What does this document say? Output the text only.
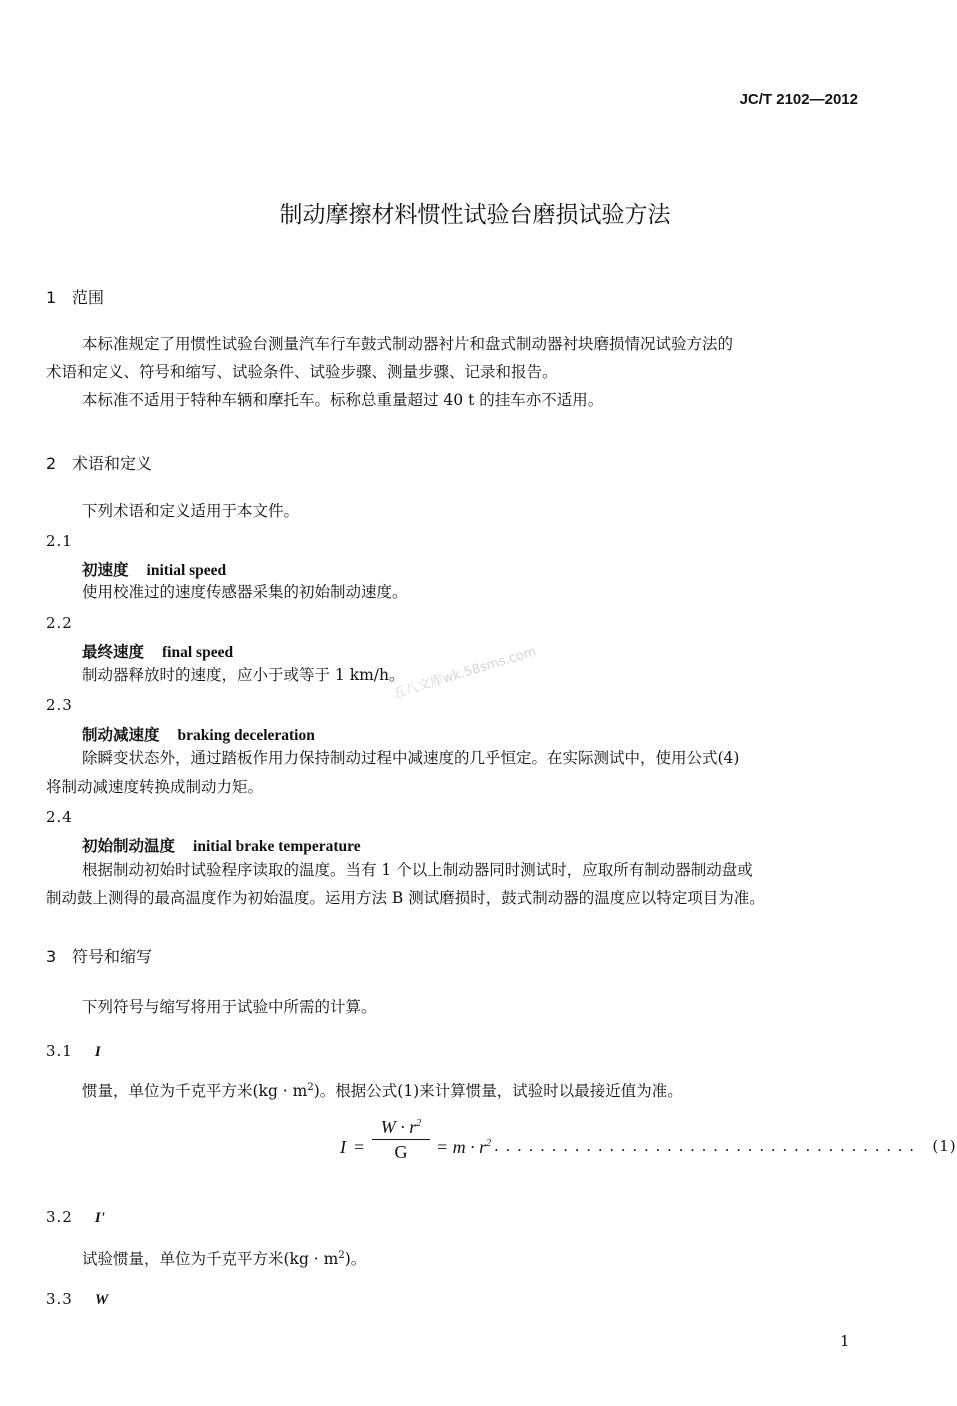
JC/T 2102—2012
制动摩擦材料惯性试验台磨损试验方法
1 范围

本标准规定了用惯性试验台测量汽车行车鼓式制动器衬片和盘式制动器衬块磨损情况试验方法的

术语和定义、符号和缩写、试验条件、试验步骤、测量步骤、记录和报告。

本标准不适用于特种车辆和摩托车。标称总重量超过 40 t 的挂车亦不适用。

2 术语和定义

下列术语和定义适用于本文件。

2.1
初速度 initial speed

使用校准过的速度传感器采集的初始制动速度。

2.2
最终速度 final speed

制动器释放时的速度，应小于或等于 1 km/h。

2.3
制动减速度 braking deceleration

除瞬变状态外，通过踏板作用力保持制动过程中减速度的几乎恒定。在实际测试中，使用公式(4)

将制动减速度转换成制动力矩。

2.4
初始制动温度 initial brake temperature

根据制动初始时试验程序读取的温度。当有 1 个以上制动器同时测试时，应取所有制动器制动盘或

制动鼓上测得的最高温度作为初始温度。运用方法 B 测试磨损时，鼓式制动器的温度应以特定项目为准。

3 符号和缩写

下列符号与缩写将用于试验中所需的计算。

3.1 I

惯量，单位为千克平方米$(kg \cdot m^2)$。根据公式(1)来计算惯量，试验时以最接近值为准。

$I = \frac{W \cdot r^2}{G} = m \cdot r^2$ . . . . . . . . . . . . . . . . . . . . . . . . . . . . . . . . . . . . .   (1)
3.2 I'

试验惯量，单位为千克平方米$(kg \cdot m^2)$。

3.3 W
五八文库wk.58sms.com
1
